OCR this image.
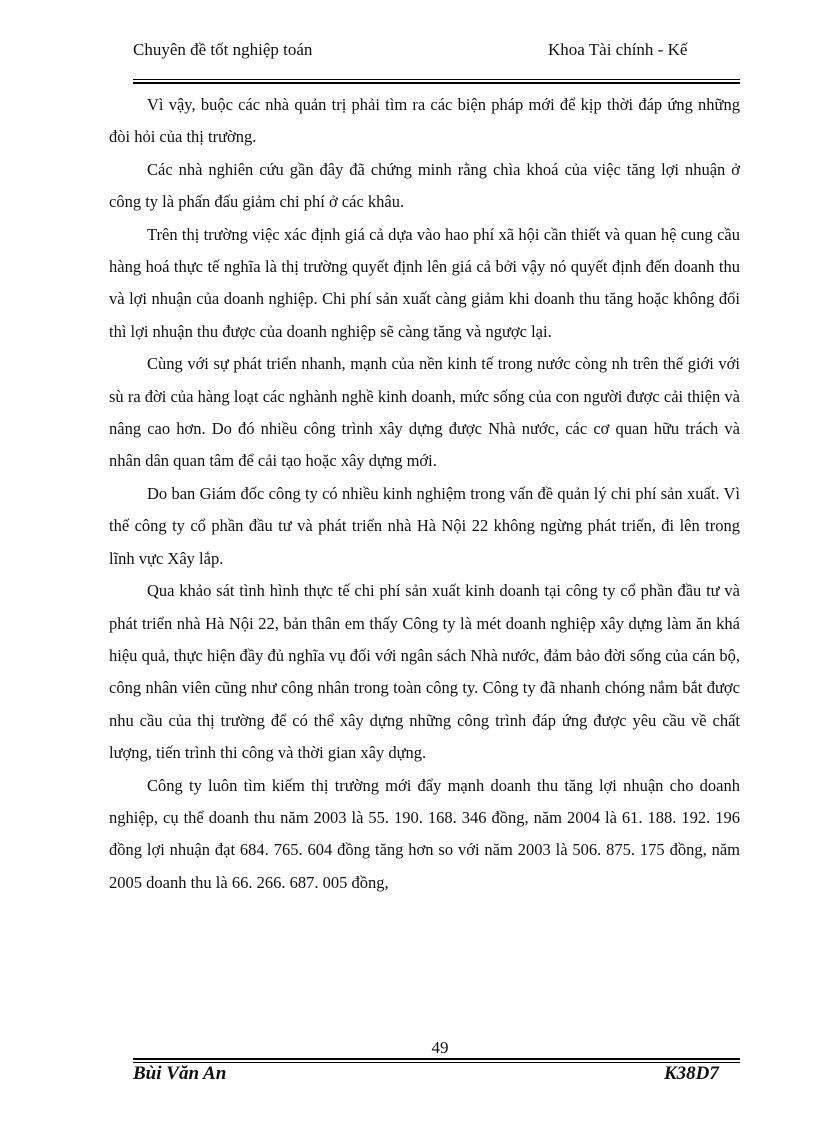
Chuyên đề tốt nghiệp toán	Khoa Tài chính - Kế

Vì vậy, buộc các nhà quản trị phải tìm ra các biện pháp mới để kịp thời đáp ứng những đòi hỏi của thị trường.

Các nhà nghiên cứu gần đây đã chứng minh rằng chìa khoá của việc tăng lợi nhuận ở công ty là phấn đấu giảm chi phí ở các khâu.

Trên thị trường việc xác định giá cả dựa vào hao phí xã hội cần thiết và quan hệ cung cầu hàng hoá thực tế nghĩa là thị trường quyết định lên giá cả bởi vậy nó quyết định đến doanh thu và lợi nhuận của doanh nghiệp. Chi phí sản xuất càng giảm khi doanh thu tăng hoặc không đổi thì lợi nhuận thu được của doanh nghiệp sẽ càng tăng và ngược lại.

Cùng với sự phát triển nhanh, mạnh của nền kinh tế trong nước còng nh trên thế giới với sù ra đời của hàng loạt các nghành nghề kinh doanh, mức sống của con người được cải thiện và nâng cao hơn. Do đó nhiều công trình xây dựng được Nhà nước, các cơ quan hữu trách và nhân dân quan tâm để cải tạo hoặc xây dựng mới.

Do ban Giám đốc công ty có nhiều kinh nghiệm trong vấn đề quản lý chi phí sản xuất. Vì thế công ty cổ phần đầu tư và phát triển nhà Hà Nội 22 không ngừng phát triển, đi lên trong lĩnh vực Xây lắp.

Qua khảo sát tình hình thực tế chi phí sản xuất kinh doanh tại công ty cổ phần đầu tư và phát triển nhà Hà Nội 22, bản thân em thấy Công ty là mét doanh nghiệp xây dựng làm ăn khá hiệu quả, thực hiện đầy đủ nghĩa vụ đối với ngân sách Nhà nước, đảm bảo đời sống của cán bộ, công nhân viên cũng như công nhân trong toàn công ty. Công ty đã nhanh chóng nắm bắt được nhu cầu của thị trường để có thể xây dựng những công trình đáp ứng được yêu cầu về chất lượng, tiến trình thi công và thời gian xây dựng.

Công ty luôn tìm kiếm thị trường mới đẩy mạnh doanh thu tăng lợi nhuận cho doanh nghiệp, cụ thể doanh thu năm 2003 là 55. 190. 168. 346 đồng, năm 2004 là 61. 188. 192. 196 đồng lợi nhuận đạt 684. 765. 604 đồng tăng hơn so với năm 2003 là 506. 875. 175 đồng, năm 2005 doanh thu là 66. 266. 687. 005 đồng,

49
Bùi Văn An	K38D7
